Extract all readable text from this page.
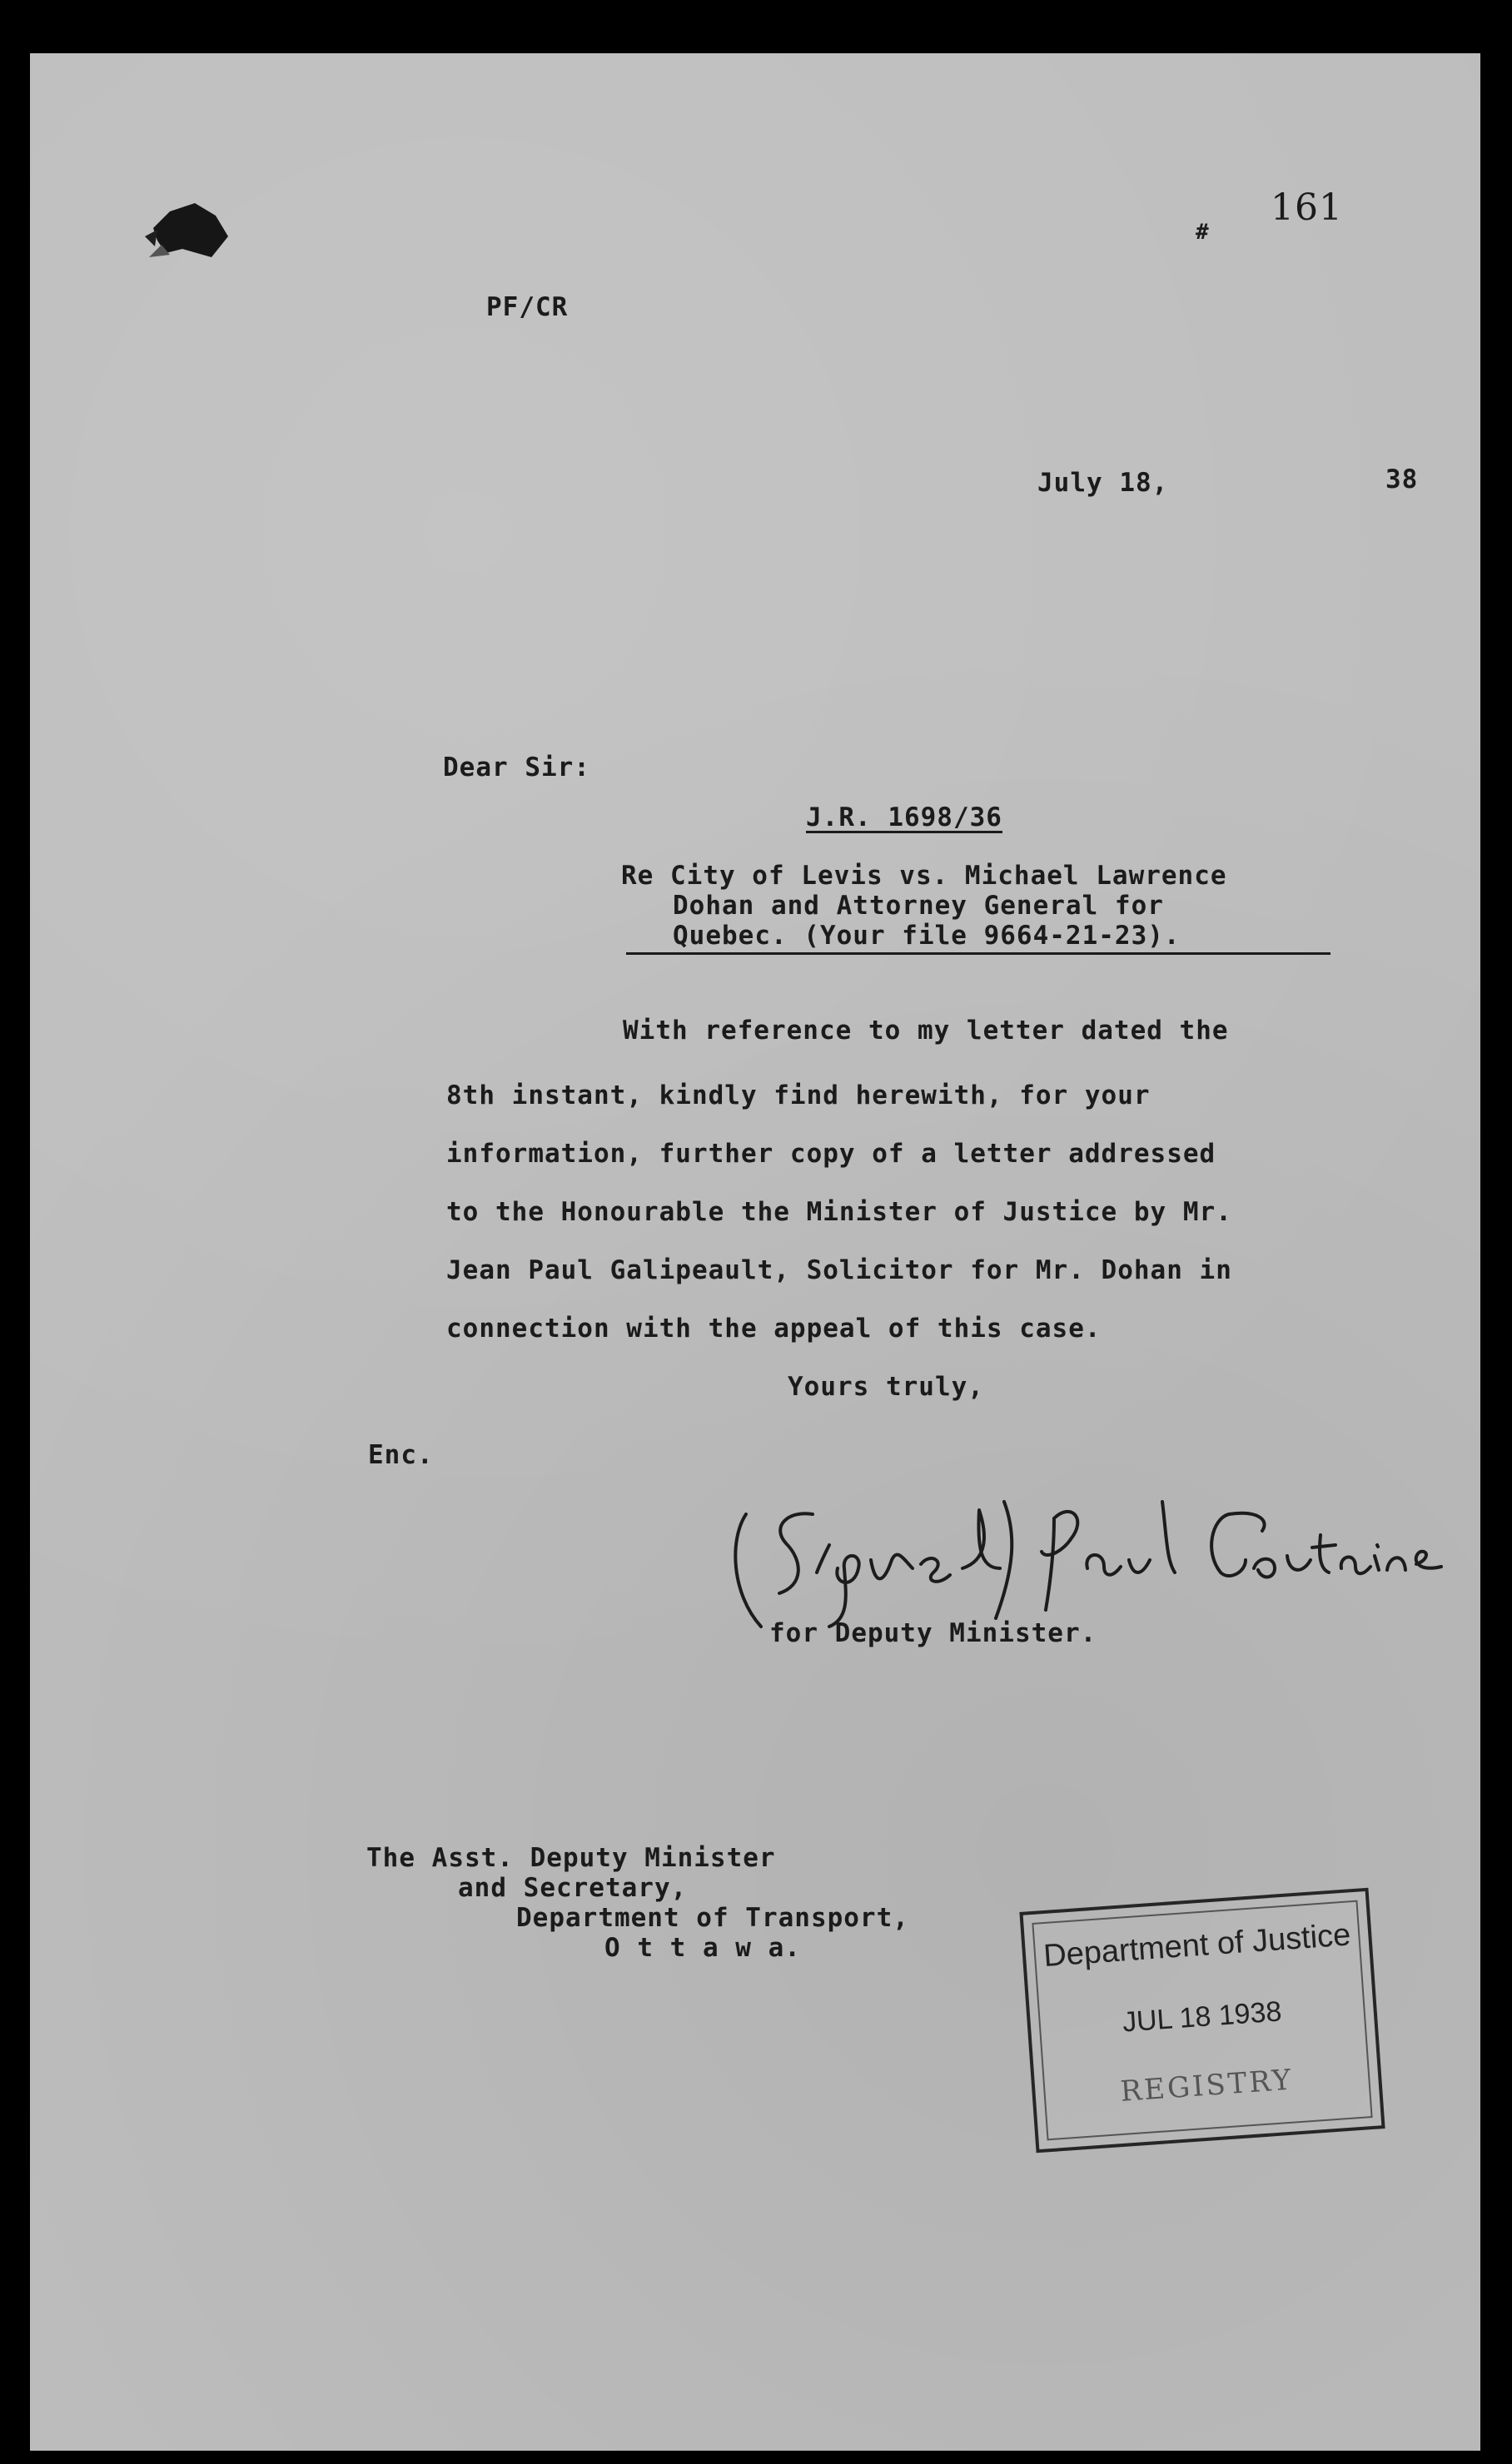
#
161
PF/CR
July 18,	38
Dear Sir:
J.R. 1698/36
Re City of Levis vs. Michael Lawrence
Dohan and Attorney General for
Quebec. (Your file 9664-21-23).
With reference to my letter dated the
8th instant, kindly find herewith, for your
information, further copy of a letter addressed
to the Honourable the Minister of Justice by Mr.
Jean Paul Galipeault, Solicitor for Mr. Dohan in
connection with the appeal of this case.
Yours truly,
Enc.
for Deputy Minister.
The Asst. Deputy Minister
and Secretary,
Department of Transport,
O t t a w a.	Department of Justice
JUL 18 1938
REGISTRY
